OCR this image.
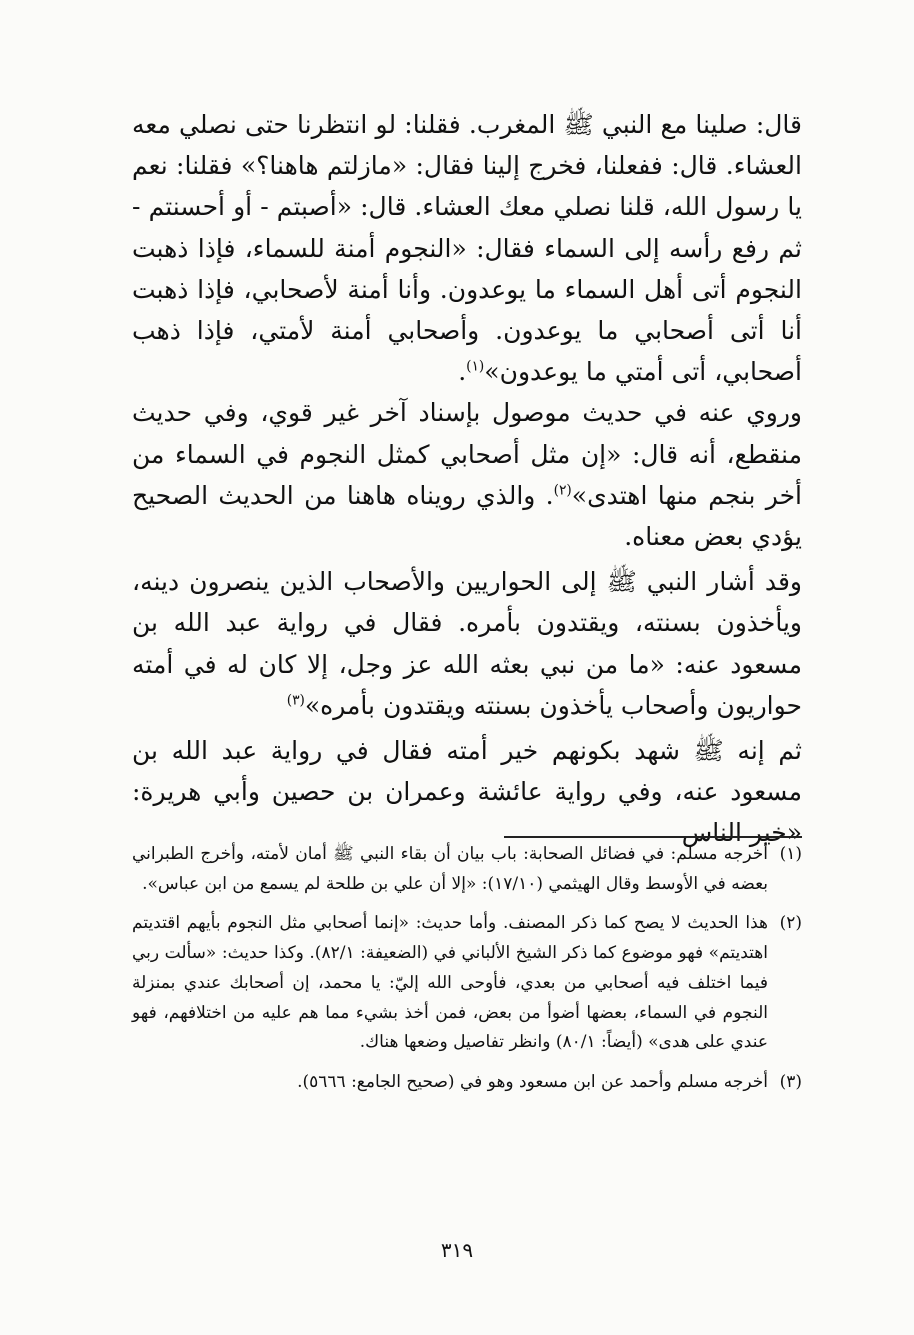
قال: صلينا مع النبي ﷺ المغرب. فقلنا: لو انتظرنا حتى نصلي معه العشاء. قال: ففعلنا، فخرج إلينا فقال: «مازلتم هاهنا؟» فقلنا: نعم يا رسول الله، قلنا نصلي معك العشاء. قال: «أصبتم - أو أحسنتم - ثم رفع رأسه إلى السماء فقال: «النجوم أمنة للسماء، فإذا ذهبت النجوم أتى أهل السماء ما يوعدون. وأنا أمنة لأصحابي، فإذا ذهبت أنا أتى أصحابي ما يوعدون. وأصحابي أمنة لأمتي، فإذا ذهب أصحابي، أتى أمتي ما يوعدون»$^{(١)}$.

وروي عنه في حديث موصول بإسناد آخر غير قوي، وفي حديث منقطع، أنه قال: «إن مثل أصحابي كمثل النجوم في السماء من أخر بنجم منها اهتدى»$^{(٢)}$. والذي رويناه هاهنا من الحديث الصحيح يؤدي بعض معناه.

وقد أشار النبي ﷺ إلى الحواريين والأصحاب الذين ينصرون دينه، ويأخذون بسنته، ويقتدون بأمره. فقال في رواية عبد الله بن مسعود عنه: «ما من نبي بعثه الله عز وجل، إلا كان له في أمته حواريون وأصحاب يأخذون بسنته ويقتدون بأمره»$^{(٣)}$

ثم إنه ﷺ شهد بكونهم خير أمته فقال في رواية عبد الله بن مسعود عنه، وفي رواية عائشة وعمران بن حصين وأبي هريرة: «خير الناس

(١)
أخرجه مسلم: في فضائل الصحابة: باب بيان أن بقاء النبي ﷺ أمان لأمته، وأخرج الطبراني بعضه في الأوسط وقال الهيثمي (١٧/١٠): «إلا أن علي بن طلحة لم يسمع من ابن عباس».
(٢)
هذا الحديث لا يصح كما ذكر المصنف. وأما حديث: «إنما أصحابي مثل النجوم بأيهم اقتديتم اهتديتم» فهو موضوع كما ذكر الشيخ الألباني في (الضعيفة: ٨٢/١). وكذا حديث: «سألت ربي فيما اختلف فيه أصحابي من بعدي، فأوحى الله إليّ: يا محمد، إن أصحابك عندي بمنزلة النجوم في السماء، بعضها أضوأ من بعض، فمن أخذ بشيء مما هم عليه من اختلافهم، فهو عندي على هدى» (أيضاً: ٨٠/١) وانظر تفاصيل وضعها هناك.
(٣)
أخرجه مسلم وأحمد عن ابن مسعود وهو في (صحيح الجامع: ٥٦٦٦).
٣١٩
